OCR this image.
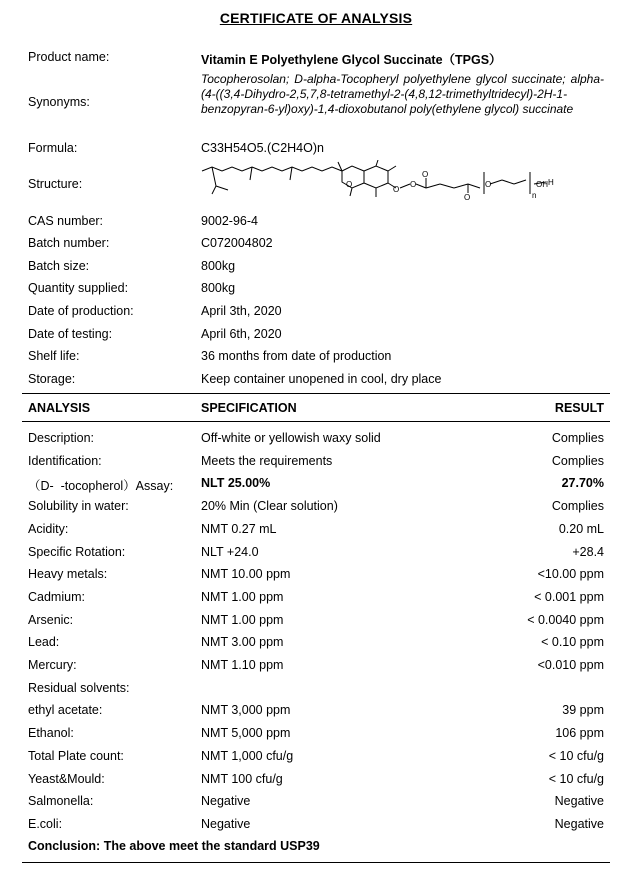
CERTIFICATE OF ANALYSIS
Product name:	Vitamin E Polyethylene Glycol Succinate（TPGS）
Synonyms:
Tocopherosolan; D-alpha-Tocopheryl polyethylene glycol succinate; alpha-(4-((3,4-Dihydro-2,5,7,8-tetramethyl-2-(4,8,12-trimethyltridecyl)-2H-1-benzopyran-6-yl)oxy)-1,4-dioxobutanol poly(ethylene glycol) succinate
Formula:	C33H54O5.(C2H4O)n
Structure:	O
O
O
O
O
O
n
OH H
CAS number:	9002-96-4
Batch number:	C072004802
Batch size:	800kg
Quantity supplied:	800kg
Date of production:	April 3th, 2020
Date of testing:	April 6th, 2020
Shelf life:	36 months from date of production
Storage:	Keep container unopened in cool, dry place
ANALYSIS	SPECIFICATION	RESULT
Description:	Off-white or yellowish waxy solid	Complies
Identification:	Meets the requirements	Complies
（D-  -tocopherol）Assay: NLT 25.00%	27.70%
Solubility in water:	20% Min (Clear solution)	Complies
Acidity:	NMT 0.27 mL	0.20 mL
Specific Rotation:	NLT +24.0	+28.4
Heavy metals:	NMT 10.00 ppm	<10.00 ppm
Cadmium:	NMT 1.00 ppm	< 0.001 ppm
Arsenic:	NMT 1.00 ppm	< 0.0040 ppm
Lead:	NMT 3.00 ppm	< 0.10 ppm
Mercury:	NMT 1.10 ppm	<0.010 ppm
Residual solvents:
ethyl acetate:	NMT 3,000 ppm	39 ppm
Ethanol:	NMT 5,000 ppm	106 ppm
Total Plate count:	NMT 1,000 cfu/g	< 10 cfu/g
Yeast&Mould:	NMT 100 cfu/g	< 10 cfu/g
Salmonella:	Negative	Negative
E.coli:	Negative	Negative
Conclusion: The above meet the standard USP39
